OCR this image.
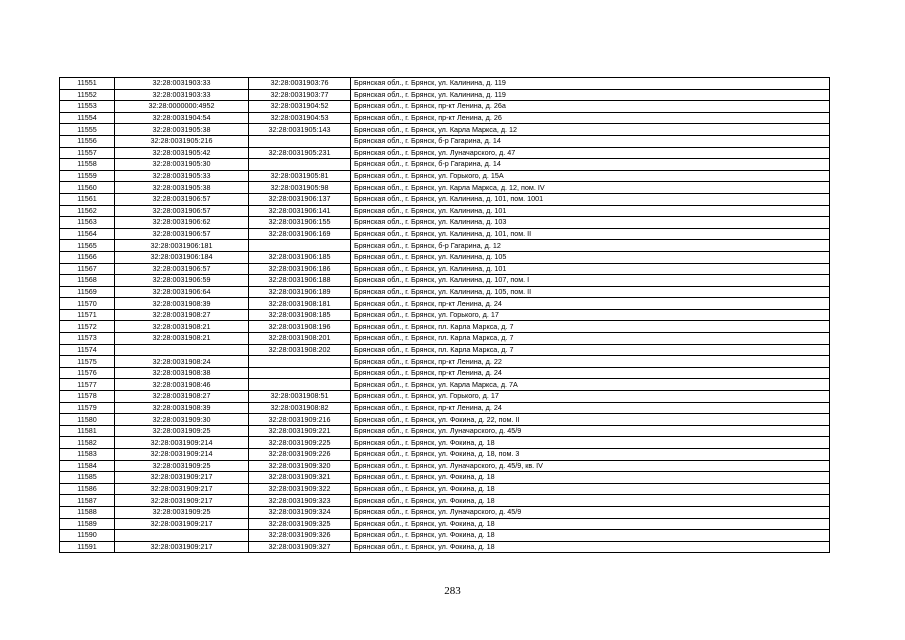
11551	32:28:0031903:33	32:28:0031903:76	Брянская обл., г. Брянск, ул. Калинина, д. 119
11552	32:28:0031903:33	32:28:0031903:77	Брянская обл., г. Брянск, ул. Калинина, д. 119
11553	32:28:0000000:4952	32:28:0031904:52	Брянская обл., г. Брянск, пр-кт Ленина, д. 26а
11554	32:28:0031904:54	32:28:0031904:53	Брянская обл., г. Брянск, пр-кт Ленина, д. 26
11555	32:28:0031905:38	32:28:0031905:143	Брянская обл., г. Брянск, ул. Карла Маркса, д. 12
11556	32:28:0031905:216		Брянская обл., г. Брянск, б-р Гагарина, д. 14
11557	32:28:0031905:42	32:28:0031905:231	Брянская обл., г. Брянск, ул. Луначарского, д. 47
11558	32:28:0031905:30		Брянская обл., г. Брянск, б-р Гагарина, д. 14
11559	32:28:0031905:33	32:28:0031905:81	Брянская обл., г. Брянск, ул. Горького, д. 15А
11560	32:28:0031905:38	32:28:0031905:98	Брянская обл., г. Брянск, ул. Карла Маркса, д. 12, пом. IV
11561	32:28:0031906:57	32:28:0031906:137	Брянская обл., г. Брянск, ул. Калинина, д. 101, пом. 1001
11562	32:28:0031906:57	32:28:0031906:141	Брянская обл., г. Брянск, ул. Калинина, д. 101
11563	32:28:0031906:62	32:28:0031906:155	Брянская обл., г. Брянск, ул. Калинина, д. 103
11564	32:28:0031906:57	32:28:0031906:169	Брянская обл., г. Брянск, ул. Калинина, д. 101, пом. II
11565	32:28:0031906:181		Брянская обл., г. Брянск, б-р Гагарина, д. 12
11566	32:28:0031906:184	32:28:0031906:185	Брянская обл., г. Брянск, ул. Калинина, д. 105
11567	32:28:0031906:57	32:28:0031906:186	Брянская обл., г. Брянск, ул. Калинина, д. 101
11568	32:28:0031906:59	32:28:0031906:188	Брянская обл., г. Брянск, ул. Калинина, д. 107, пом. I
11569	32:28:0031906:64	32:28:0031906:189	Брянская обл., г. Брянск, ул. Калинина, д. 105, пом. II
11570	32:28:0031908:39	32:28:0031908:181	Брянская обл., г. Брянск, пр-кт Ленина, д. 24
11571	32:28:0031908:27	32:28:0031908:185	Брянская обл., г. Брянск, ул. Горького, д. 17
11572	32:28:0031908:21	32:28:0031908:196	Брянская обл., г. Брянск, пл. Карла Маркса, д. 7
11573	32:28:0031908:21	32:28:0031908:201	Брянская обл., г. Брянск, пл. Карла Маркса, д. 7
11574		32:28:0031908:202	Брянская обл., г. Брянск, пл. Карла Маркса, д. 7
11575	32:28:0031908:24		Брянская обл., г. Брянск, пр-кт Ленина, д. 22
11576	32:28:0031908:38		Брянская обл., г. Брянск, пр-кт Ленина, д. 24
11577	32:28:0031908:46		Брянская обл., г. Брянск, ул. Карла Маркса, д. 7А
11578	32:28:0031908:27	32:28:0031908:51	Брянская обл., г. Брянск, ул. Горького, д. 17
11579	32:28:0031908:39	32:28:0031908:82	Брянская обл., г. Брянск, пр-кт Ленина, д. 24
11580	32:28:0031909:30	32:28:0031909:216	Брянская обл., г. Брянск, ул. Фокина, д. 22, пом. II
11581	32:28:0031909:25	32:28:0031909:221	Брянская обл., г. Брянск, ул. Луначарского, д. 45/9
11582	32:28:0031909:214	32:28:0031909:225	Брянская обл., г. Брянск, ул. Фокина, д. 18
11583	32:28:0031909:214	32:28:0031909:226	Брянская обл., г. Брянск, ул. Фокина, д. 18, пом. 3
11584	32:28:0031909:25	32:28:0031909:320	Брянская обл., г. Брянск, ул. Луначарского, д. 45/9, кв. IV
11585	32:28:0031909:217	32:28:0031909:321	Брянская обл., г. Брянск, ул. Фокина, д. 18
11586	32:28:0031909:217	32:28:0031909:322	Брянская обл., г. Брянск, ул. Фокина, д. 18
11587	32:28:0031909:217	32:28:0031909:323	Брянская обл., г. Брянск, ул. Фокина, д. 18
11588	32:28:0031909:25	32:28:0031909:324	Брянская обл., г. Брянск, ул. Луначарского, д. 45/9
11589	32:28:0031909:217	32:28:0031909:325	Брянская обл., г. Брянск, ул. Фокина, д. 18
11590		32:28:0031909:326	Брянская обл., г. Брянск, ул. Фокина, д. 18
11591	32:28:0031909:217	32:28:0031909:327	Брянская обл., г. Брянск, ул. Фокина, д. 18
283
